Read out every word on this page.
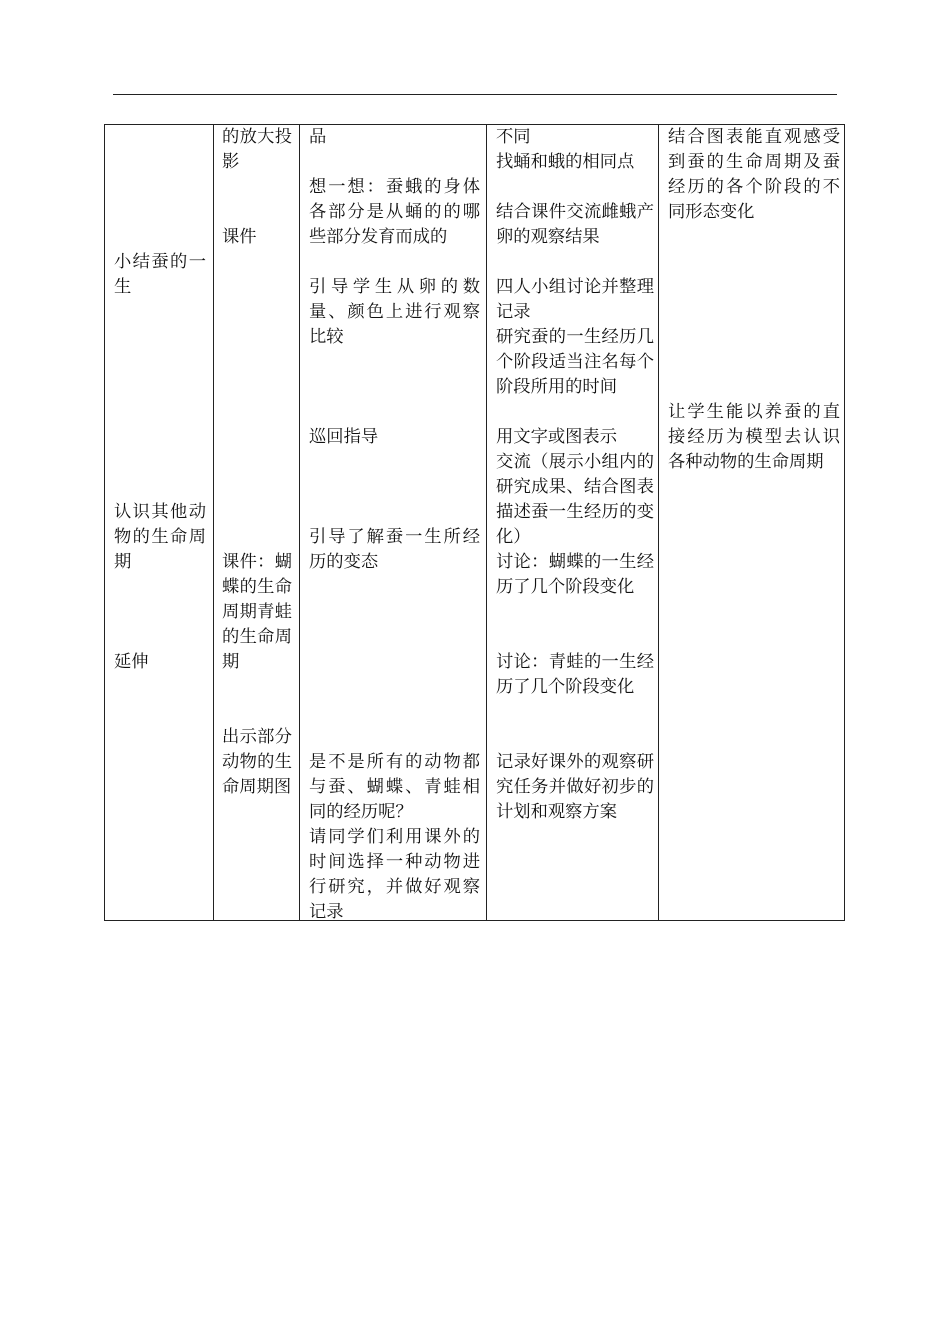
小结蚕的一生
认识其他动物的生命周期
延伸
的放大投影
课件
课件：蝴蝶的生命周期青蛙的生命周期
出示部分动物的生命周期图
品
想一想：蚕蛾的身体各部分是从蛹的的哪些部分发育而成的
引导学生从卵的数量、颜色上进行观察比较
巡回指导
引导了解蚕一生所经历的变态
是不是所有的动物都与蚕、蝴蝶、青蛙相同的经历呢？
请同学们利用课外的时间选择一种动物进行研究，并做好观察记录
不同
找蛹和蛾的相同点
结合课件交流雌蛾产卵的观察结果
四人小组讨论并整理记录
研究蚕的一生经历几个阶段适当注名每个阶段所用的时间
用文字或图表示
交流（展示小组内的研究成果、结合图表描述蚕一生经历的变化）
讨论：蝴蝶的一生经历了几个阶段变化
讨论：青蛙的一生经历了几个阶段变化
记录好课外的观察研究任务并做好初步的计划和观察方案
结合图表能直观感受到蚕的生命周期及蚕经历的各个阶段的不同形态变化
让学生能以养蚕的直接经历为模型去认识各种动物的生命周期
